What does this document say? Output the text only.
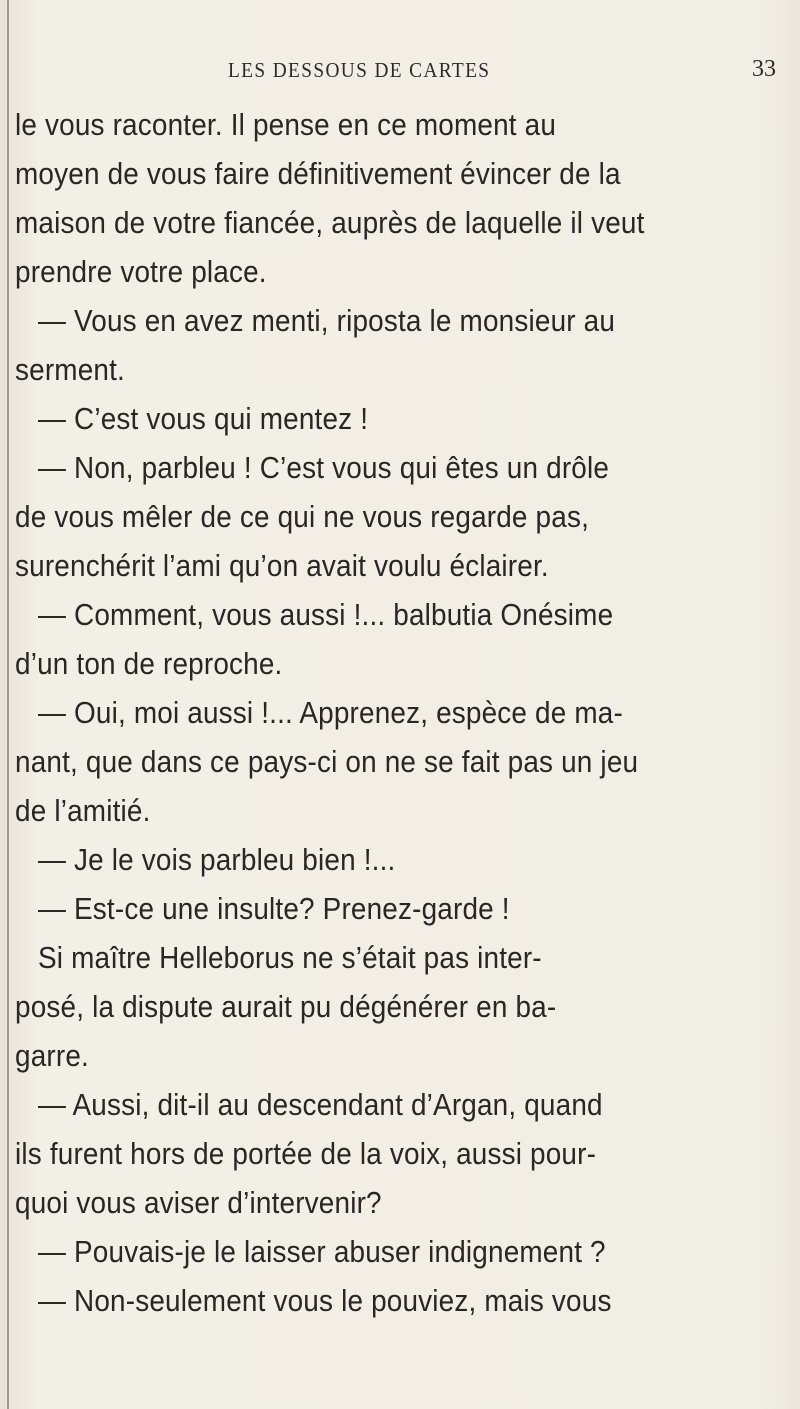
LES DESSOUS DE CARTES	33
le vous raconter. Il pense en ce moment au
moyen de vous faire définitivement évincer de la
maison de votre fiancée, auprès de laquelle il veut
prendre votre place.
— Vous en avez menti, riposta le monsieur au
serment.
— C’est vous qui mentez !
— Non, parbleu ! C’est vous qui êtes un drôle
de vous mêler de ce qui ne vous regarde pas,
surenchérit l’ami qu’on avait voulu éclairer.
— Comment, vous aussi !... balbutia Onésime
d’un ton de reproche.
— Oui, moi aussi !... Apprenez, espèce de ma-
nant, que dans ce pays-ci on ne se fait pas un jeu
de l’amitié.
— Je le vois parbleu bien !...
— Est-ce une insulte? Prenez-garde !
Si maître Helleborus ne s’était pas inter-
posé, la dispute aurait pu dégénérer en ba-
garre.
— Aussi, dit-il au descendant d’Argan, quand
ils furent hors de portée de la voix, aussi pour-
quoi vous aviser d’intervenir?
— Pouvais-je le laisser abuser indignement ?
— Non-seulement vous le pouviez, mais vous
